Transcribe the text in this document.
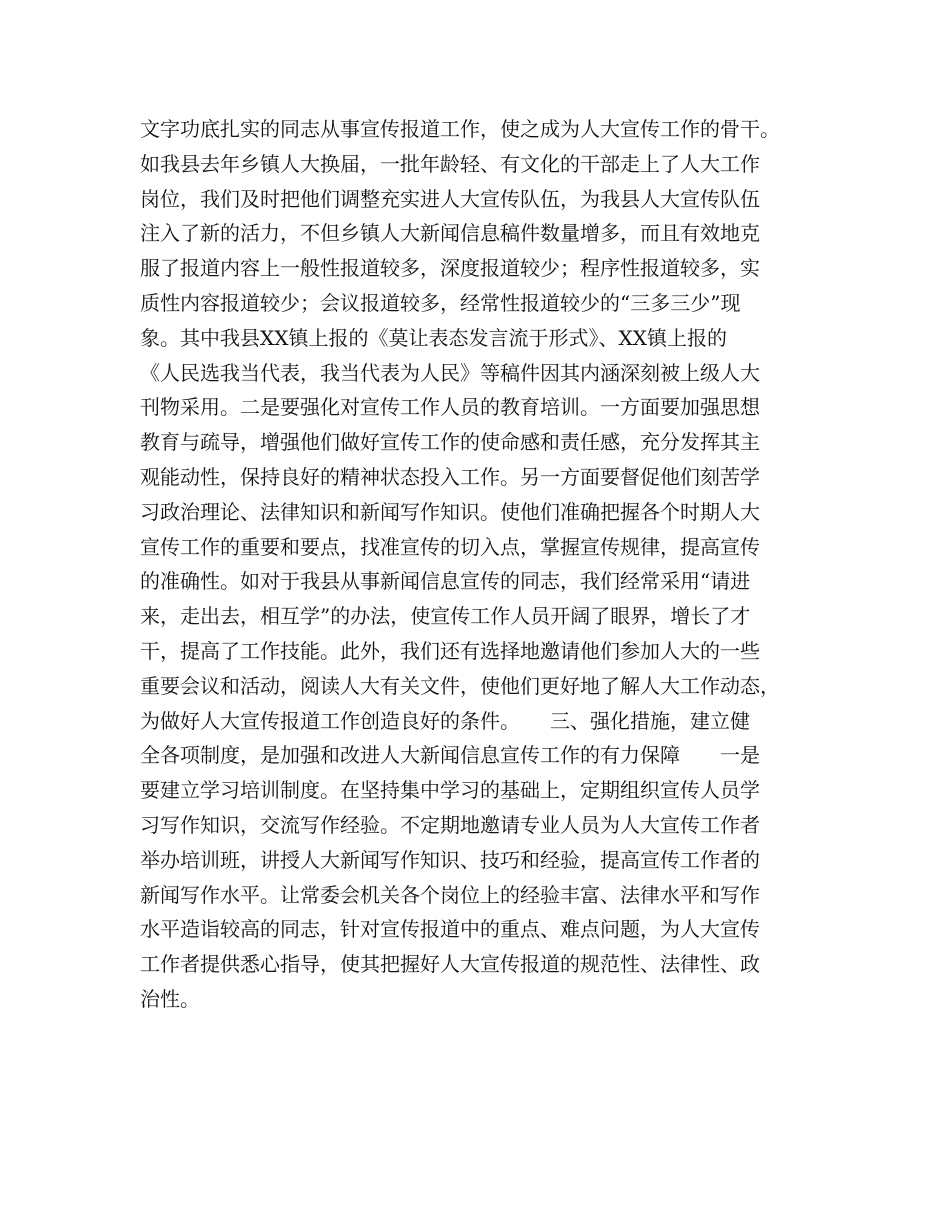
文字功底扎实的同志从事宣传报道工作，使之成为人大宣传工作的骨干。
如我县去年乡镇人大换届，一批年龄轻、有文化的干部走上了人大工作
岗位，我们及时把他们调整充实进人大宣传队伍，为我县人大宣传队伍
注入了新的活力，不但乡镇人大新闻信息稿件数量增多，而且有效地克
服了报道内容上一般性报道较多，深度报道较少；程序性报道较多，实
质性内容报道较少；会议报道较多，经常性报道较少的“三多三少”现
象。其中我县XX镇上报的《莫让表态发言流于形式》、XX镇上报的
《人民选我当代表，我当代表为人民》等稿件因其内涵深刻被上级人大
刊物采用。二是要强化对宣传工作人员的教育培训。一方面要加强思想
教育与疏导，增强他们做好宣传工作的使命感和责任感，充分发挥其主
观能动性，保持良好的精神状态投入工作。另一方面要督促他们刻苦学
习政治理论、法律知识和新闻写作知识。使他们准确把握各个时期人大
宣传工作的重要和要点，找准宣传的切入点，掌握宣传规律，提高宣传
的准确性。如对于我县从事新闻信息宣传的同志，我们经常采用“请进
来，走出去，相互学”的办法，使宣传工作人员开阔了眼界，增长了才
干，提高了工作技能。此外，我们还有选择地邀请他们参加人大的一些
重要会议和活动，阅读人大有关文件，使他们更好地了解人大工作动态，
为做好人大宣传报道工作创造良好的条件。　　三、强化措施，建立健
全各项制度，是加强和改进人大新闻信息宣传工作的有力保障　　一是
要建立学习培训制度。在坚持集中学习的基础上，定期组织宣传人员学
习写作知识，交流写作经验。不定期地邀请专业人员为人大宣传工作者
举办培训班，讲授人大新闻写作知识、技巧和经验，提高宣传工作者的
新闻写作水平。让常委会机关各个岗位上的经验丰富、法律水平和写作
水平造诣较高的同志，针对宣传报道中的重点、难点问题，为人大宣传
工作者提供悉心指导，使其把握好人大宣传报道的规范性、法律性、政
治性。
